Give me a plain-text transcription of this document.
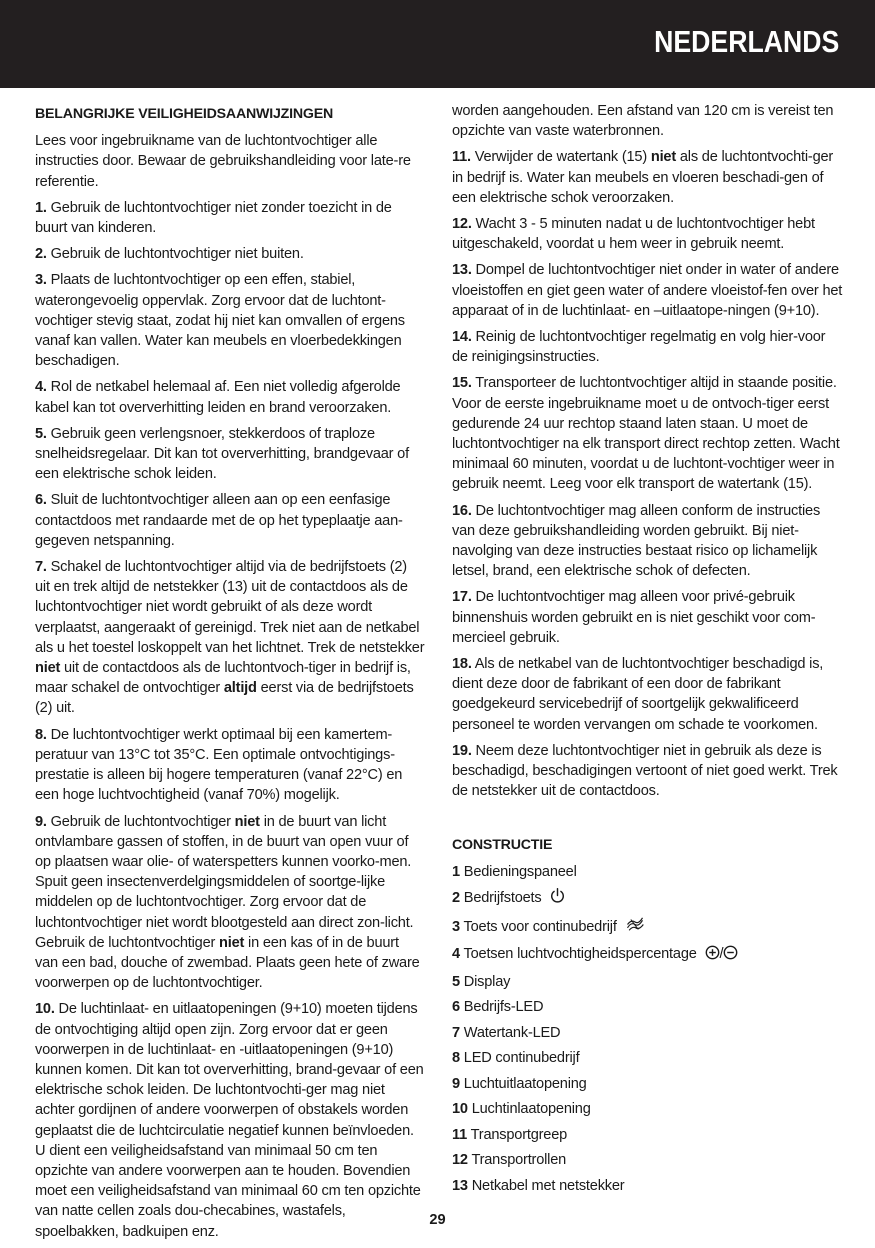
NEDERLANDS
BELANGRIJKE VEILIGHEIDSAANWIJZINGEN

Lees voor ingebruikname van de luchtontvochtiger alle instructies door. Bewaar de gebruikshandleiding voor late-re referentie.

1. Gebruik de luchtontvochtiger niet zonder toezicht in de buurt van kinderen.

2. Gebruik de luchtontvochtiger niet buiten.

3. Plaats de luchtontvochtiger op een effen, stabiel, waterongevoelig oppervlak. Zorg ervoor dat de luchtont-vochtiger stevig staat, zodat hij niet kan omvallen of ergens vanaf kan vallen. Water kan meubels en vloerbedekkingen beschadigen.

4. Rol de netkabel helemaal af. Een niet volledig afgerolde kabel kan tot oververhitting leiden en brand veroorzaken.

5. Gebruik geen verlengsnoer, stekkerdoos of traploze snelheidsregelaar. Dit kan tot oververhitting, brandgevaar of een elektrische schok leiden.

6. Sluit de luchtontvochtiger alleen aan op een eenfasige contactdoos met randaarde met de op het typeplaatje aan-gegeven netspanning.

7. Schakel de luchtontvochtiger altijd via de bedrijfstoets (2) uit en trek altijd de netstekker (13) uit de contactdoos als de luchtontvochtiger niet wordt gebruikt of als deze wordt verplaatst, aangeraakt of gereinigd. Trek niet aan de netkabel als u het toestel loskoppelt van het lichtnet. Trek de netstekker niet uit de contactdoos als de luchtontvoch-tiger in bedrijf is, maar schakel de ontvochtiger altijd eerst via de bedrijfstoets (2) uit.

8. De luchtontvochtiger werkt optimaal bij een kamertem-peratuur van 13°C tot 35°C. Een optimale ontvochtigings-prestatie is alleen bij hogere temperaturen (vanaf 22°C) en een hoge luchtvochtigheid (vanaf 70%) mogelijk.

9. Gebruik de luchtontvochtiger niet in de buurt van licht ontvlambare gassen of stoffen, in de buurt van open vuur of op plaatsen waar olie- of waterspetters kunnen voorko-men. Spuit geen insectenverdelgingsmiddelen of soortge-lijke middelen op de luchtontvochtiger. Zorg ervoor dat de luchtontvochtiger niet wordt blootgesteld aan direct zon-licht. Gebruik de luchtontvochtiger niet in een kas of in de buurt van een bad, douche of zwembad. Plaats geen hete of zware voorwerpen op de luchtontvochtiger.

10. De luchtinlaat- en uitlaatopeningen (9+10) moeten tijdens de ontvochtiging altijd open zijn. Zorg ervoor dat er geen voorwerpen in de luchtinlaat- en -uitlaatopeningen (9+10) kunnen komen. Dit kan tot oververhitting, brand-gevaar of een elektrische schok leiden. De luchtontvochti-ger mag niet achter gordijnen of andere voorwerpen of obstakels worden geplaatst die de luchtcirculatie negatief kunnen beïnvloeden. U dient een veiligheidsafstand van minimaal 50 cm ten opzichte van andere voorwerpen aan te houden. Bovendien moet een veiligheidsafstand van minimaal 60 cm ten opzichte van natte cellen zoals dou-checabines, wastafels, spoelbakken, badkuipen enz.

worden aangehouden. Een afstand van 120 cm is vereist ten opzichte van vaste waterbronnen.

11. Verwijder de watertank (15) niet als de luchtontvochti-ger in bedrijf is. Water kan meubels en vloeren beschadi-gen of een elektrische schok veroorzaken.

12. Wacht 3 - 5 minuten nadat u de luchtontvochtiger hebt uitgeschakeld, voordat u hem weer in gebruik neemt.

13. Dompel de luchtontvochtiger niet onder in water of andere vloeistoffen en giet geen water of andere vloeistof-fen over het apparaat of in de luchtinlaat- en –uitlaatope-ningen (9+10).

14. Reinig de luchtontvochtiger regelmatig en volg hier-voor de reinigingsinstructies.

15. Transporteer de luchtontvochtiger altijd in staande positie. Voor de eerste ingebruikname moet u de ontvoch-tiger eerst gedurende 24 uur rechtop staand laten staan. U moet de luchtontvochtiger na elk transport direct rechtop zetten. Wacht minimaal 60 minuten, voordat u de luchtont-vochtiger weer in gebruik neemt. Leeg voor elk transport de watertank (15).

16. De luchtontvochtiger mag alleen conform de instructies van deze gebruikshandleiding worden gebruikt. Bij niet-navolging van deze instructies bestaat risico op lichamelijk letsel, brand, een elektrische schok of defecten.

17. De luchtontvochtiger mag alleen voor privé-gebruik binnenshuis worden gebruikt en is niet geschikt voor com-mercieel gebruik.

18. Als de netkabel van de luchtontvochtiger beschadigd is, dient deze door de fabrikant of een door de fabrikant goedgekeurd servicebedrijf of soortgelijk gekwalificeerd personeel te worden vervangen om schade te voorkomen.

19. Neem deze luchtontvochtiger niet in gebruik als deze is beschadigd, beschadigingen vertoont of niet goed werkt. Trek de netstekker uit de contactdoos.

CONSTRUCTIE
1 Bedieningspaneel
2 Bedrijfstoets
3 Toets voor continubedrijf
4 Toetsen luchtvochtigheidspercentage /
5 Display
6 Bedrijfs-LED
7 Watertank-LED
8 LED continubedrijf
9 Luchtuitlaatopening
10 Luchtinlaatopening
11 Transportgreep
12 Transportrollen
13 Netkabel met netstekker
29
